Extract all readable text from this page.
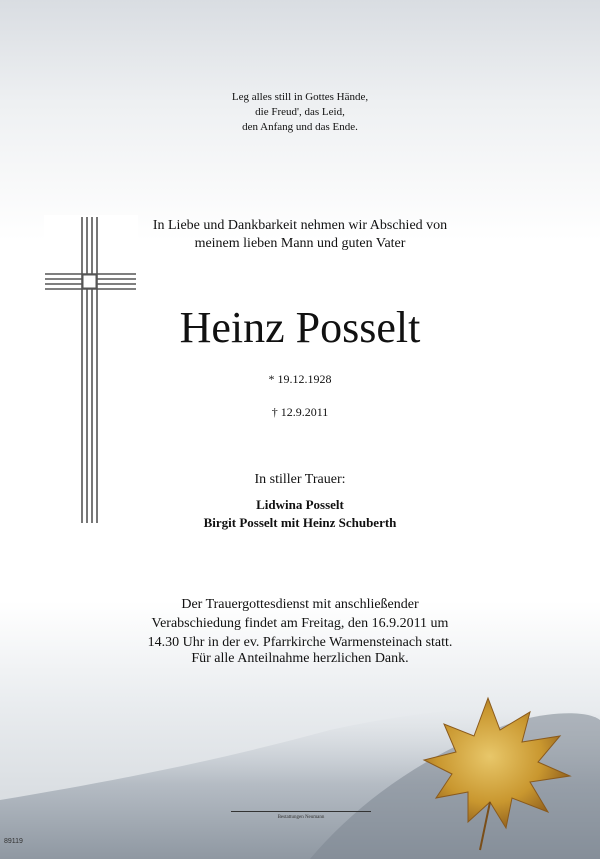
Leg alles still in Gottes Hände,
die Freud', das Leid,
den Anfang und das Ende.
In Liebe und Dankbarkeit nehmen wir Abschied von
meinem lieben Mann und guten Vater
Heinz Posselt
* 19.12.1928
† 12.9.2011
In stiller Trauer:
Lidwina Posselt
Birgit Posselt mit Heinz Schuberth
Der Trauergottesdienst mit anschließender
Verabschiedung findet am Freitag, den 16.9.2011 um
14.30 Uhr in der ev. Pfarrkirche Warmensteinach statt.
Für alle Anteilnahme herzlichen Dank.
Bestattungen Neumann
89119
